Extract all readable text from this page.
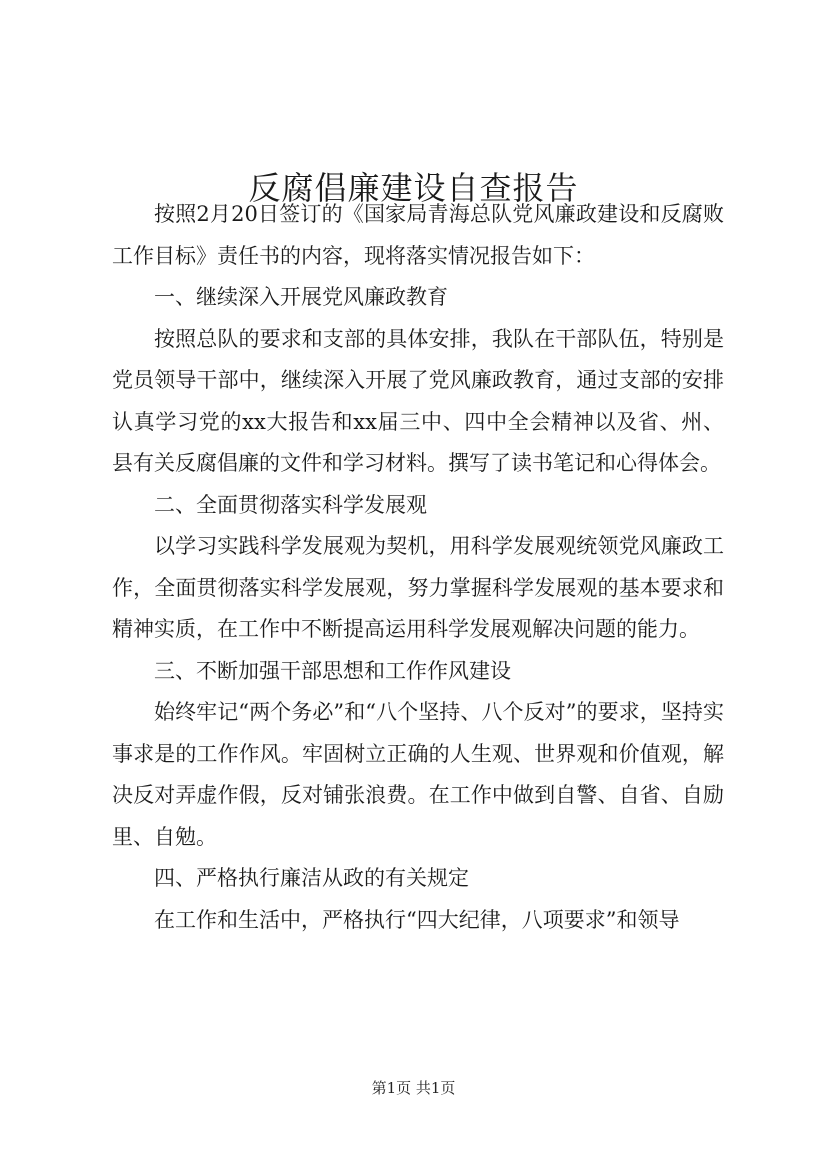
反腐倡廉建设自查报告

按照2月20日签订的《国家局青海总队党风廉政建设和反腐败工作目标》责任书的内容，现将落实情况报告如下：

一、继续深入开展党风廉政教育

按照总队的要求和支部的具体安排，我队在干部队伍，特别是党员领导干部中，继续深入开展了党风廉政教育，通过支部的安排认真学习党的xx大报告和xx届三中、四中全会精神以及省、州、县有关反腐倡廉的文件和学习材料。撰写了读书笔记和心得体会。

二、全面贯彻落实科学发展观

以学习实践科学发展观为契机，用科学发展观统领党风廉政工作，全面贯彻落实科学发展观，努力掌握科学发展观的基本要求和精神实质，在工作中不断提高运用科学发展观解决问题的能力。

三、不断加强干部思想和工作作风建设

始终牢记“两个务必”和“八个坚持、八个反对”的要求，坚持实事求是的工作作风。牢固树立正确的人生观、世界观和价值观，解决反对弄虚作假，反对铺张浪费。在工作中做到自警、自省、自励里、自勉。

四、严格执行廉洁从政的有关规定

在工作和生活中，严格执行“四大纪律，八项要求”和领导

第1页 共1页
